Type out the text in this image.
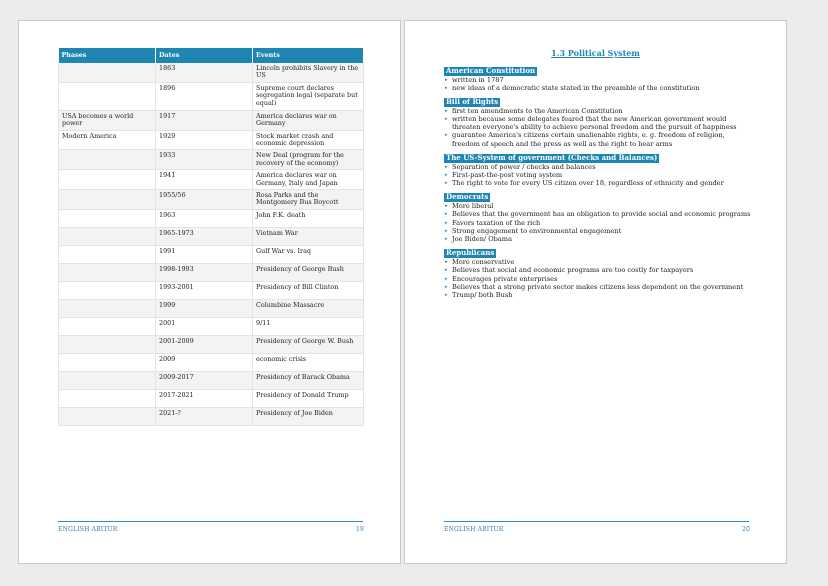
Phases	Dates	Events
	1863	Lincoln prohibits Slavery in the US
	1896	Supreme court declares segregation legal (separate but equal)
USA becomes a world power	1917	America declares war on Germany
Modern America	1929	Stock market crash and economic depression
	1933	New Deal (program for the recovery of the economy)
	1941	America declares war on Germany, Italy and Japan
	1955/56	Rosa Parks and the Montgomery Bus Boycott
	1963	John F.K. death
	1965-1973	Vietnam War
	1991	Gulf War vs. Iraq
	1998-1993	Presidency of George Bush
	1993-2001	Presidency of Bill Clinton
	1999	Columbine Massacre
	2001	9/11
	2001-2009	Presidency of George W. Bush
	2009	economic crisis
	2009-2017	Presidency of Barack Obama
	2017-2021	Presidency of Donald Trump
	2021-?	Presidency of Joe Biden
ENGLISH ABITUR	19
1.3 Political System
American Constitution
▸ written in 1787
▸ new ideas of a democratic state stated in the preamble of the constitution
Bill of Rights
▸ first ten amendments to the American Constitution
▸ written because some delegates feared that the new American government would threaten everyone's ability to achieve personal freedom and the pursuit of happiness
▸ guarantee America's citizens certain unalienable rights, e. g. freedom of religion, freedom of speech and the press as well as the right to bear arms
The US-System of government (Checks and Balances)
▸ Separation of power / checks and balances
▸ First-past-the-post voting system
▸ The right to vote for every US citizen over 18, regardless of ethnicity and gender
Democrats
▸ More liberal
▸ Believes that the government has an obligation to provide social and economic programs
▸ Favors taxation of the rich
▸ Strong engagement to environmental engagement
▸ Joe Biden/ Obama
Republicans
▸ More conservative
▸ Believes that social and economic programs are too costly for taxpayers
▸ Encourages private enterprises
▸ Believes that a strong private sector makes citizens less dependent on the government
▸ Trump/ both Bush
ENGLISH ABITUR	20
